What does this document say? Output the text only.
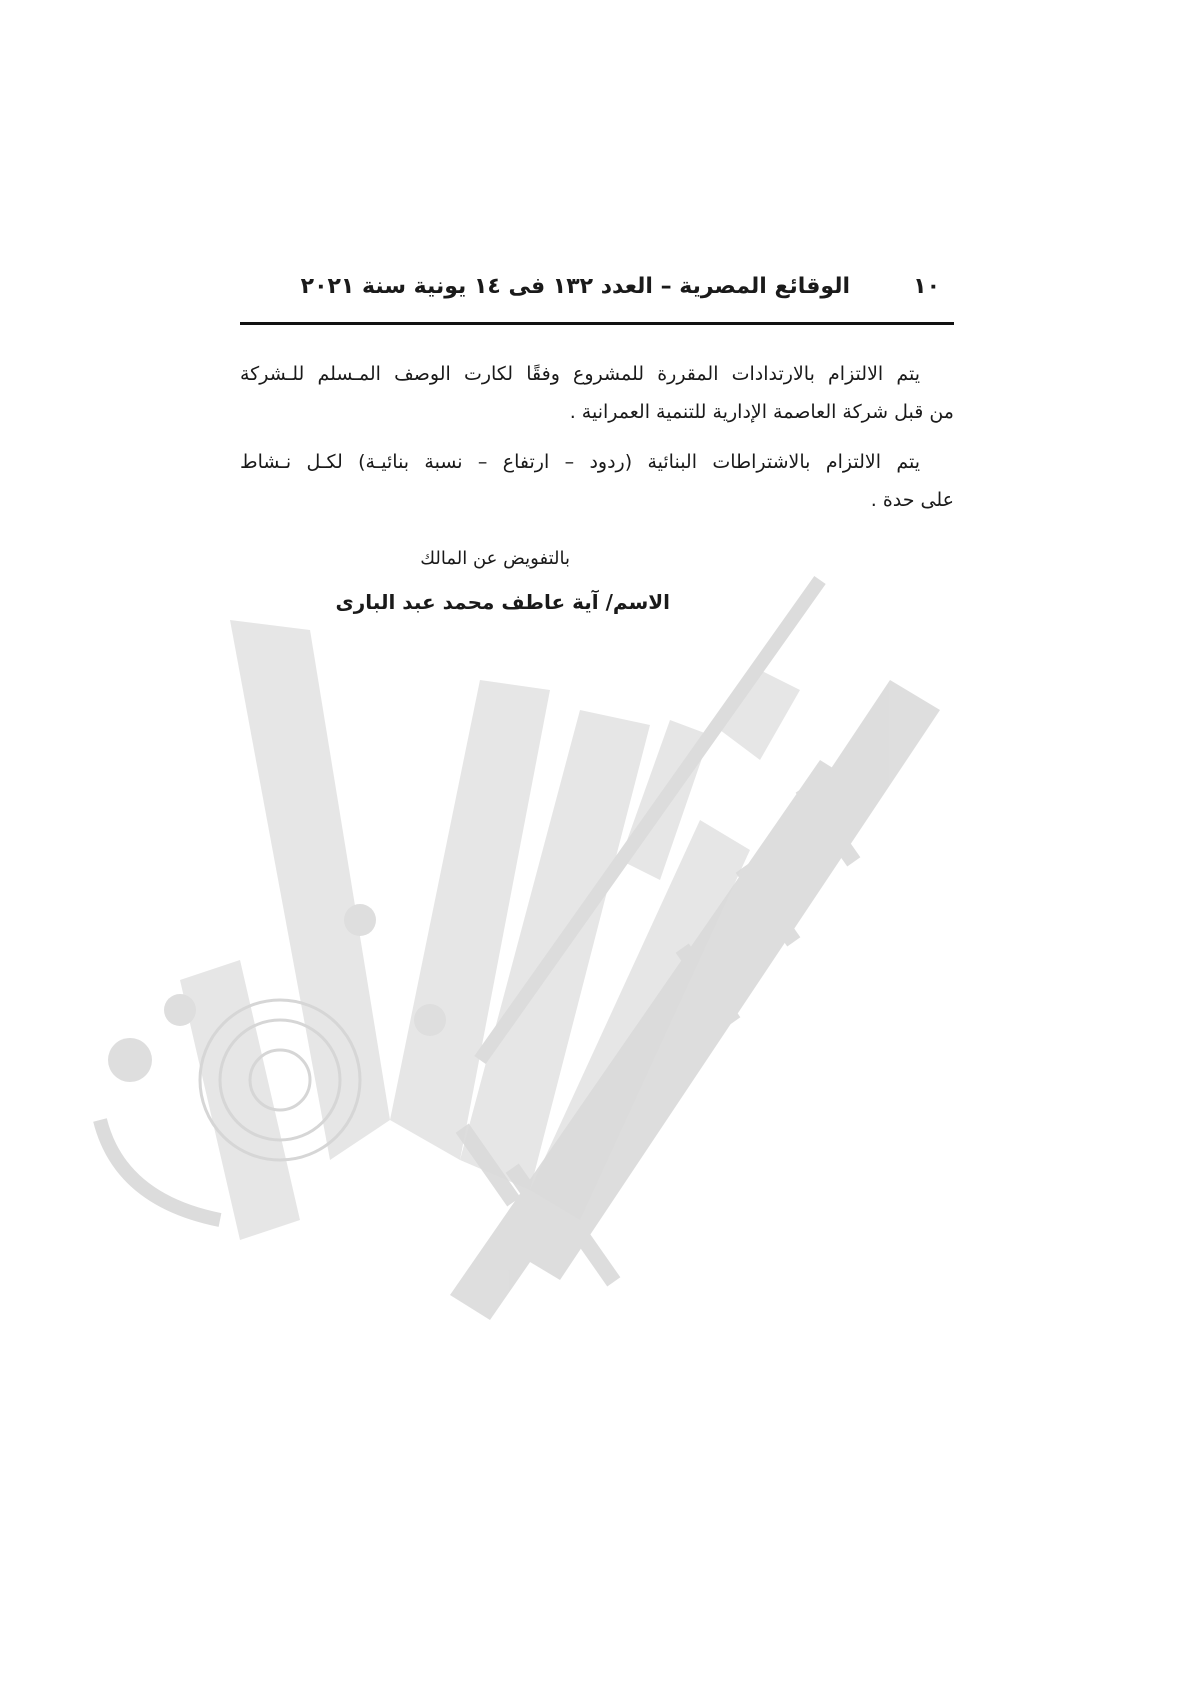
١٠
الوقائع المصرية – العدد ١٣٢ فى ١٤ يونية سنة ٢٠٢١

يتم الالتزام بالارتدادات المقررة للمشروع وفقًا لكارت الوصف المـسلم للـشركة
من قبل شركة العاصمة الإدارية للتنمية العمرانية .

يتم الالتزام بالاشتراطات البنائية (ردود – ارتفاع – نسبة بنائيـة) لكـل نـشاط
على حدة .

بالتفويض عن المالك
الاسم/ آية عاطف محمد عبد البارى
